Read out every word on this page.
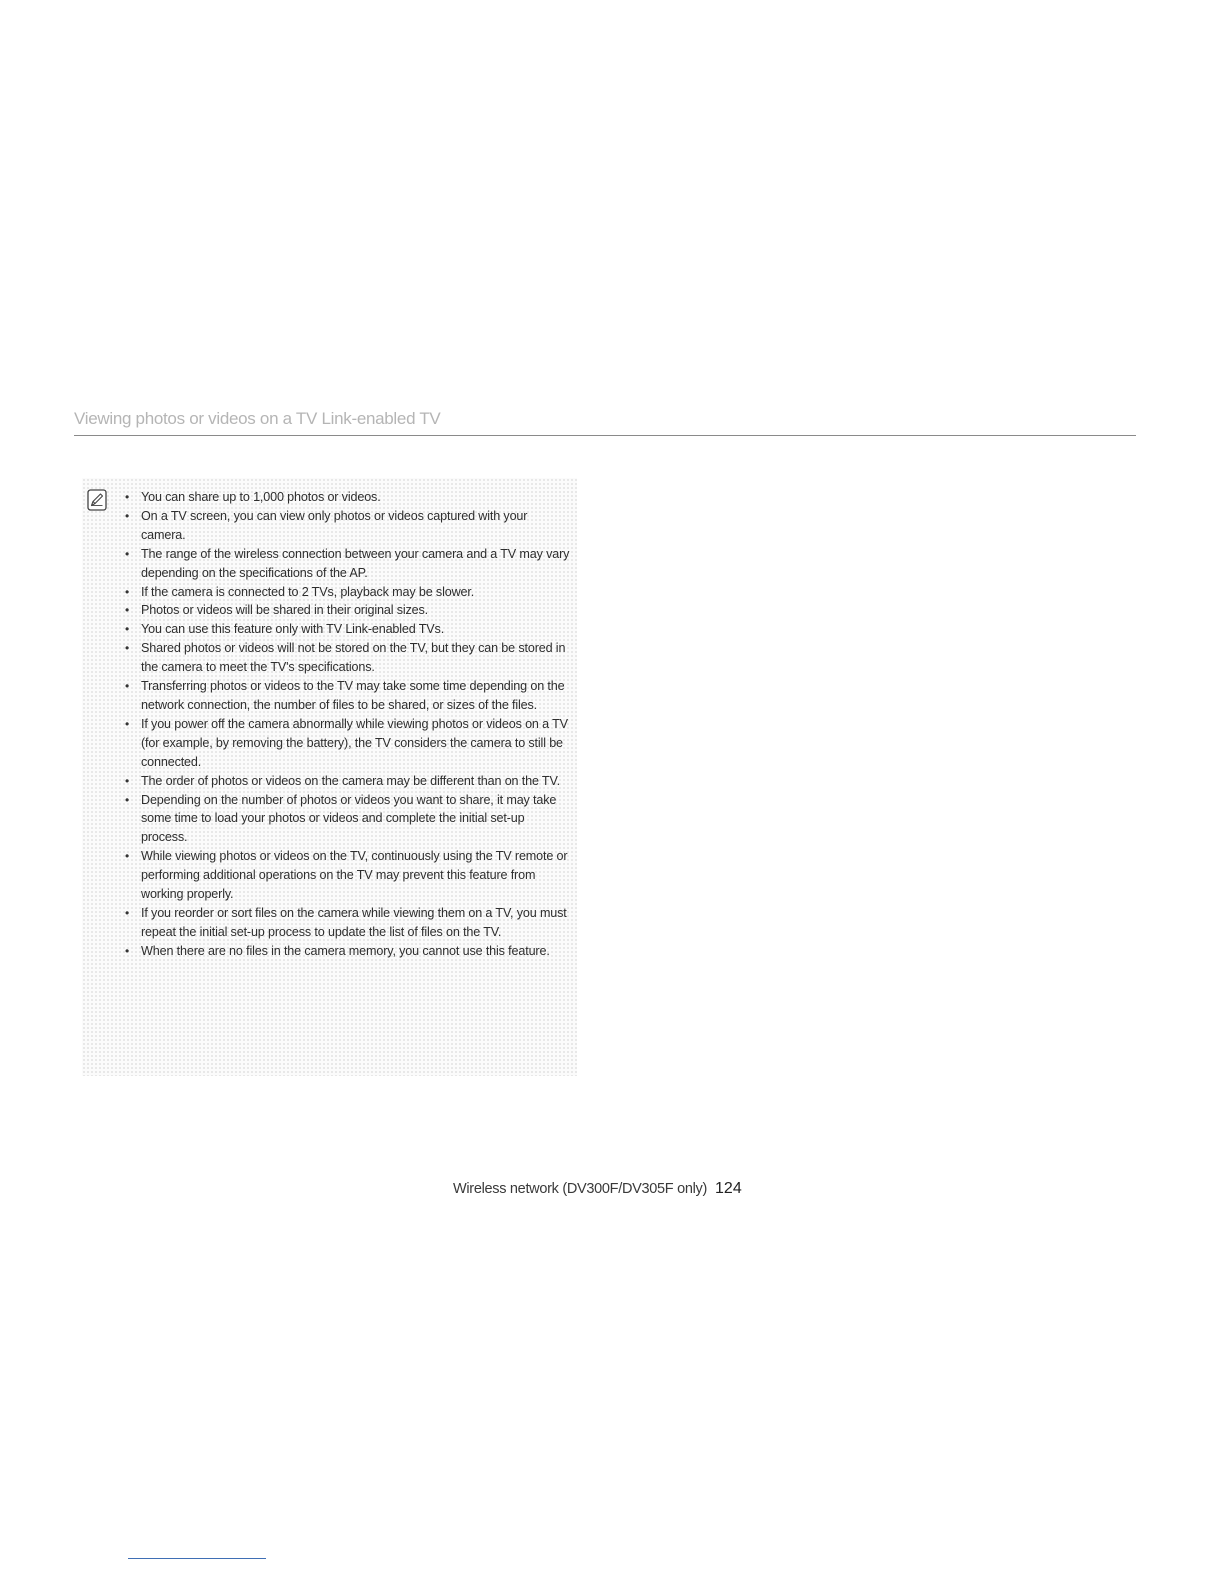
Viewing photos or videos on a TV Link-enabled TV
• You can share up to 1,000 photos or videos.
• On a TV screen, you can view only photos or videos captured with your camera.
• The range of the wireless connection between your camera and a TV may vary depending on the specifications of the AP.
• If the camera is connected to 2 TVs, playback may be slower.
• Photos or videos will be shared in their original sizes.
• You can use this feature only with TV Link-enabled TVs.
• Shared photos or videos will not be stored on the TV, but they can be stored in the camera to meet the TV's specifications.
• Transferring photos or videos to the TV may take some time depending on the network connection, the number of files to be shared, or sizes of the files.
• If you power off the camera abnormally while viewing photos or videos on a TV (for example, by removing the battery), the TV considers the camera to still be connected.
• The order of photos or videos on the camera may be different than on the TV.
• Depending on the number of photos or videos you want to share, it may take some time to load your photos or videos and complete the initial set-up process.
• While viewing photos or videos on the TV, continuously using the TV remote or performing additional operations on the TV may prevent this feature from working properly.
• If you reorder or sort files on the camera while viewing them on a TV, you must repeat the initial set-up process to update the list of files on the TV.
• When there are no files in the camera memory, you cannot use this feature.
Wireless network (DV300F/DV305F only) 124
